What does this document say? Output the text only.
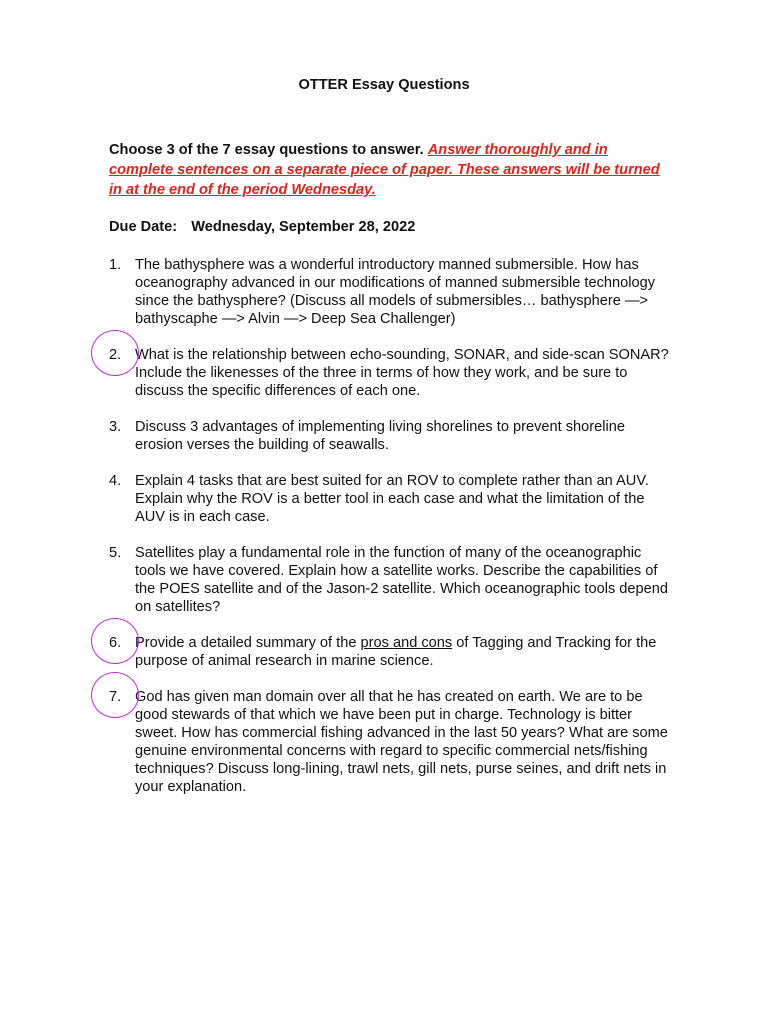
OTTER Essay Questions
Choose 3 of the 7 essay questions to answer. Answer thoroughly and in complete sentences on a separate piece of paper. These answers will be turned in at the end of the period Wednesday.
Due Date: Wednesday, September 28, 2022
1. The bathysphere was a wonderful introductory manned submersible. How has oceanography advanced in our modifications of manned submersible technology since the bathysphere? (Discuss all models of submersibles… bathysphere —> bathyscaphe —> Alvin —> Deep Sea Challenger)
2. What is the relationship between echo-sounding, SONAR, and side-scan SONAR? Include the likenesses of the three in terms of how they work, and be sure to discuss the specific differences of each one.
3. Discuss 3 advantages of implementing living shorelines to prevent shoreline erosion verses the building of seawalls.
4. Explain 4 tasks that are best suited for an ROV to complete rather than an AUV. Explain why the ROV is a better tool in each case and what the limitation of the AUV is in each case.
5. Satellites play a fundamental role in the function of many of the oceanographic tools we have covered. Explain how a satellite works. Describe the capabilities of the POES satellite and of the Jason-2 satellite. Which oceanographic tools depend on satellites?
6. Provide a detailed summary of the pros and cons of Tagging and Tracking for the purpose of animal research in marine science.
7. God has given man domain over all that he has created on earth. We are to be good stewards of that which we have been put in charge. Technology is bitter sweet. How has commercial fishing advanced in the last 50 years? What are some genuine environmental concerns with regard to specific commercial nets/fishing techniques? Discuss long-lining, trawl nets, gill nets, purse seines, and drift nets in your explanation.
